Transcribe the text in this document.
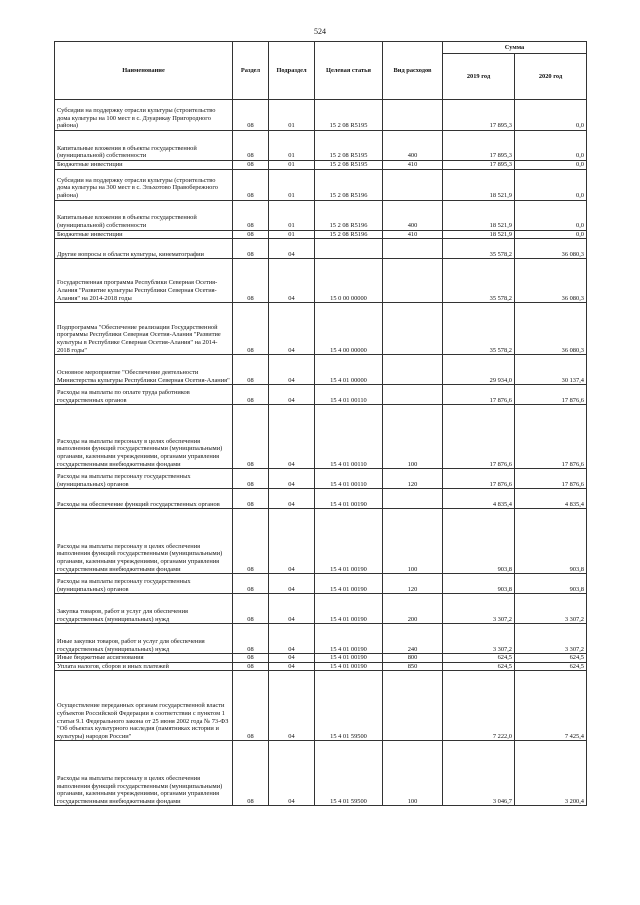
524
Наименование	Раздел	Подраздел	Целевая статья	Вид расходов	Сумма	
					2019 год	2020 год
Субсидии на поддержку отрасли культуры (строительство дома культуры на 100 мест в с. Дзуарикау Пригородного района)	08	01	15 2 08 R5195		17 895,3	0,0
Капитальные вложения в объекты государственной (муниципальной) собственности	08	01	15 2 08 R5195	400	17 895,3	0,0
Бюджетные инвестиции	08	01	15 2 08 R5195	410	17 895,3	0,0
Субсидии на поддержку отрасли культуры (строительство дома культуры на 300 мест в с. Эльхотово Правобережного района)	08	01	15 2 08 R5196		18 521,9	0,0
Капитальные вложения в объекты государственной (муниципальной) собственности	08	01	15 2 08 R5196	400	18 521,9	0,0
Бюджетные инвестиции	08	01	15 2 08 R5196	410	18 521,9	0,0
Другие вопросы в области культуры, кинематографии	08	04			35 578,2	36 080,3
Государственная программа Республики Северная Осетия-Алания "Развитие культуры Республики Северная Осетия-Алания" на 2014-2018 годы	08	04	15 0 00 00000		35 578,2	36 080,3
Подпрограмма "Обеспечение реализации Государственной программы Республики Северная Осетия-Алания "Развитие культуры в Республике Северная Осетия-Алания" на 2014-2018 годы"	08	04	15 4 00 00000		35 578,2	36 080,3
Основное мероприятие "Обеспечение деятельности Министерства культуры Республики Северная Осетия-Алания"	08	04	15 4 01 00000		29 934,0	30 137,4
Расходы на выплаты по оплате труда работников государственных органов	08	04	15 4 01 00110		17 876,6	17 876,6
Расходы на выплаты персоналу в целях обеспечения выполнения функций государственными (муниципальными) органами, казенными учреждениями, органами управления государственными внебюджетными фондами	08	04	15 4 01 00110	100	17 876,6	17 876,6
Расходы на выплаты персоналу государственных (муниципальных) органов	08	04	15 4 01 00110	120	17 876,6	17 876,6
Расходы на обеспечение функций государственных органов	08	04	15 4 01 00190		4 835,4	4 835,4
Расходы на выплаты персоналу в целях обеспечения выполнения функций государственными (муниципальными) органами, казенными учреждениями, органами управления государственными внебюджетными фондами	08	04	15 4 01 00190	100	903,8	903,8
Расходы на выплаты персоналу государственных (муниципальных) органов	08	04	15 4 01 00190	120	903,8	903,8
Закупка товаров, работ и услуг для обеспечения государственных (муниципальных) нужд	08	04	15 4 01 00190	200	3 307,2	3 307,2
Иные закупки товаров, работ и услуг для обеспечения государственных (муниципальных) нужд	08	04	15 4 01 00190	240	3 307,2	3 307,2
Иные бюджетные ассигнования	08	04	15 4 01 00190	800	624,5	624,5
Уплата налогов, сборов и иных платежей	08	04	15 4 01 00190	850	624,5	624,5
Осуществление переданных органам государственной власти субъектов Российской Федерации в соответствии с пунктом 1 статьи 9.1 Федерального закона от 25 июня 2002 года № 73-ФЗ "Об объектах культурного наследия (памятниках истории и культуры) народов России"	08	04	15 4 01 59500		7 222,0	7 425,4
Расходы на выплаты персоналу в целях обеспечения выполнения функций государственными (муниципальными) органами, казенными учреждениями, органами управления государственными внебюджетными фондами	08	04	15 4 01 59500	100	3 046,7	3 200,4
